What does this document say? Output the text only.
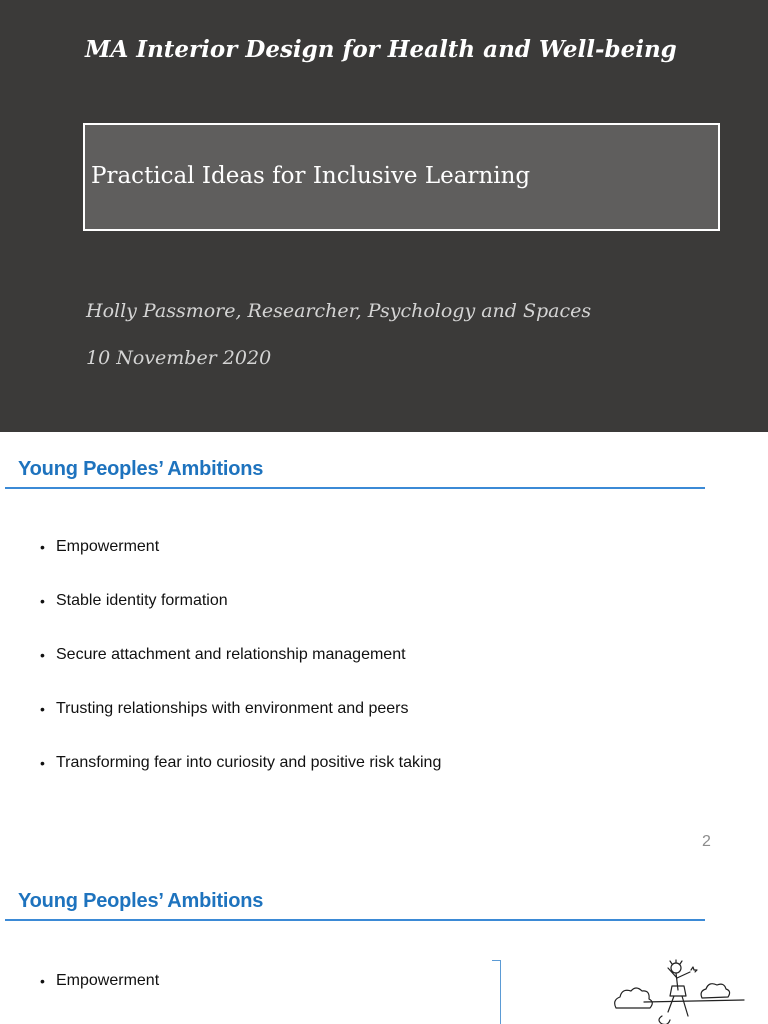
MA Interior Design for Health and Well-being
Practical Ideas for Inclusive Learning
Holly Passmore, Researcher, Psychology and Spaces
10 November 2020
Young Peoples’ Ambitions
• Empowerment
• Stable identity formation
• Secure attachment and relationship management
• Trusting relationships with environment and peers
• Transforming fear into curiosity and positive risk taking
2
Young Peoples’ Ambitions
• Empowerment
